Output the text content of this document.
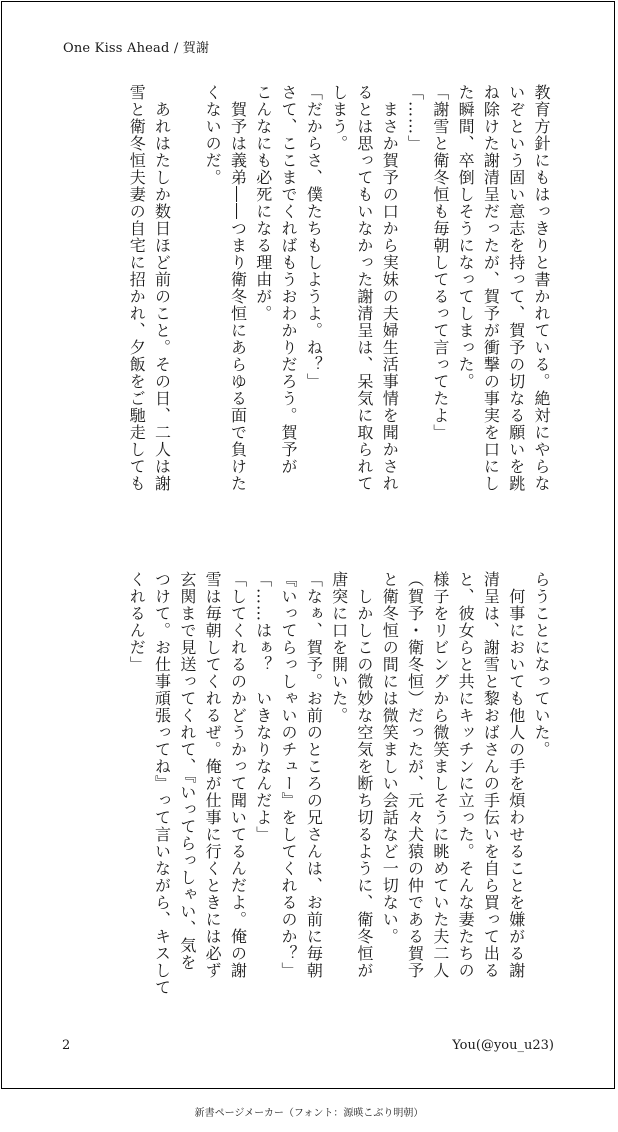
One Kiss Ahead / 賀謝

教育方針にもはっきりと書かれている。絶対にやらな

いぞという固い意志を持って、賀予の切なる願いを跳

ね除けた謝清呈だったが、賀予が衝撃の事実を口にし

た瞬間、卒倒しそうになってしまった。

「謝雪と衛冬恒も毎朝してるって言ってたよ」

「……」

　まさか賀予の口から実妹の夫婦生活事情を聞かされ

るとは思ってもいなかった謝清呈は、呆気に取られて

しまう。

「だからさ、僕たちもしようよ。ね？」

さて、ここまでくればもうおわかりだろう。賀予が

こんなにも必死になる理由が。

　賀予は義弟――つまり衛冬恒にあらゆる面で負けた

くないのだ。

　あれはたしか数日ほど前のこと。その日、二人は謝

雪と衛冬恒夫妻の自宅に招かれ、夕飯をご馳走しても

らうことになっていた。

　何事においても他人の手を煩わせることを嫌がる謝

清呈は、謝雪と黎おばさんの手伝いを自ら買って出る

と、彼女らと共にキッチンに立った。そんな妻たちの

様子をリビングから微笑ましそうに眺めていた夫二人

（賀予・衛冬恒）だったが、元々犬猿の仲である賀予

と衛冬恒の間には微笑ましい会話など一切ない。

　しかしこの微妙な空気を断ち切るように、衛冬恒が

唐突に口を開いた。

「なぁ、賀予。お前のところの兄さんは、お前に毎朝

『いってらっしゃいのチュー』をしてくれるのか？」

「……はぁ？　いきなりなんだよ」

「してくれるのかどうかって聞いてるんだよ。俺の謝

雪は毎朝してくれるぜ。俺が仕事に行くときには必ず

玄関まで見送ってくれて、『いってらっしゃい、気を

つけて。お仕事頑張ってね』って言いながら、キスして

くれるんだ」

2	You(@you_u23)
新書ページメーカー（フォント：源暎こぶり明朝）
